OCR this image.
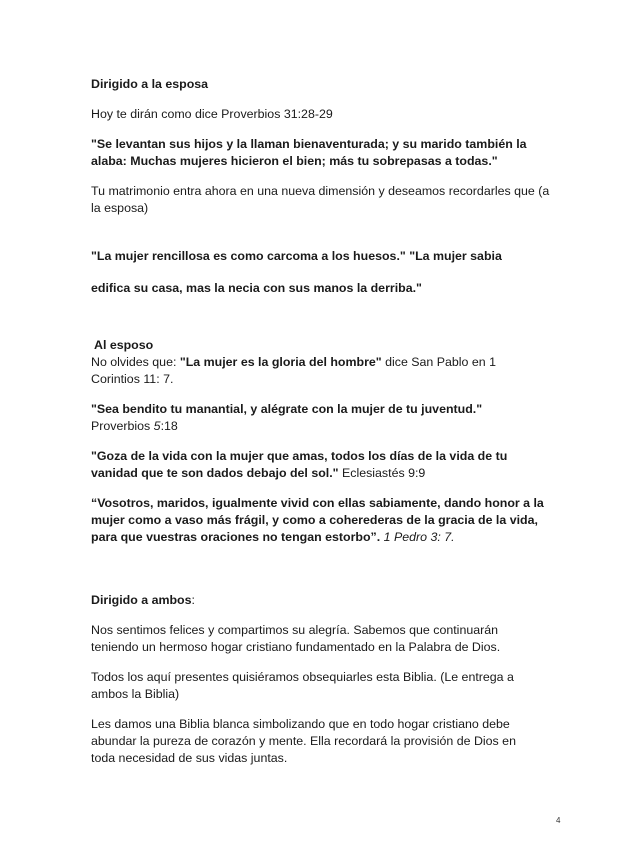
Dirigido a la esposa

Hoy te dirán como dice Proverbios 31:28-29

"Se levantan sus hijos y la llaman bienaventurada; y su marido también la
alaba: Muchas mujeres hicieron el bien; más tu sobrepasas a todas."

Tu matrimonio entra ahora en una nueva dimensión y deseamos recordarles que (a
la esposa)

"La mujer rencillosa es como carcoma a los huesos." "La mujer sabia

edifica su casa, mas la necia con sus manos la derriba."

Al esposo

No olvides que: "La mujer es la gloria del hombre" dice San Pablo en 1
Corintios 11: 7.

"Sea bendito tu manantial, y alégrate con la mujer de tu juventud."
Proverbios 5:18

"Goza de la vida con la mujer que amas, todos los días de la vida de tu
vanidad que te son dados debajo del sol." Eclesiastés 9:9

“Vosotros, maridos, igualmente vivid con ellas sabiamente, dando honor a la
mujer como a vaso más frágil, y como a coherederas de la gracia de la vida,
para que vuestras oraciones no tengan estorbo”. 1 Pedro 3: 7.

Dirigido a ambos:

Nos sentimos felices y compartimos su alegría. Sabemos que continuarán
teniendo un hermoso hogar cristiano fundamentado en la Palabra de Dios.

Todos los aquí presentes quisiéramos obsequiarles esta Biblia. (Le entrega a
ambos la Biblia)

Les damos una Biblia blanca simbolizando que en todo hogar cristiano debe
abundar la pureza de corazón y mente. Ella recordará la provisión de Dios en
toda necesidad de sus vidas juntas.

4
